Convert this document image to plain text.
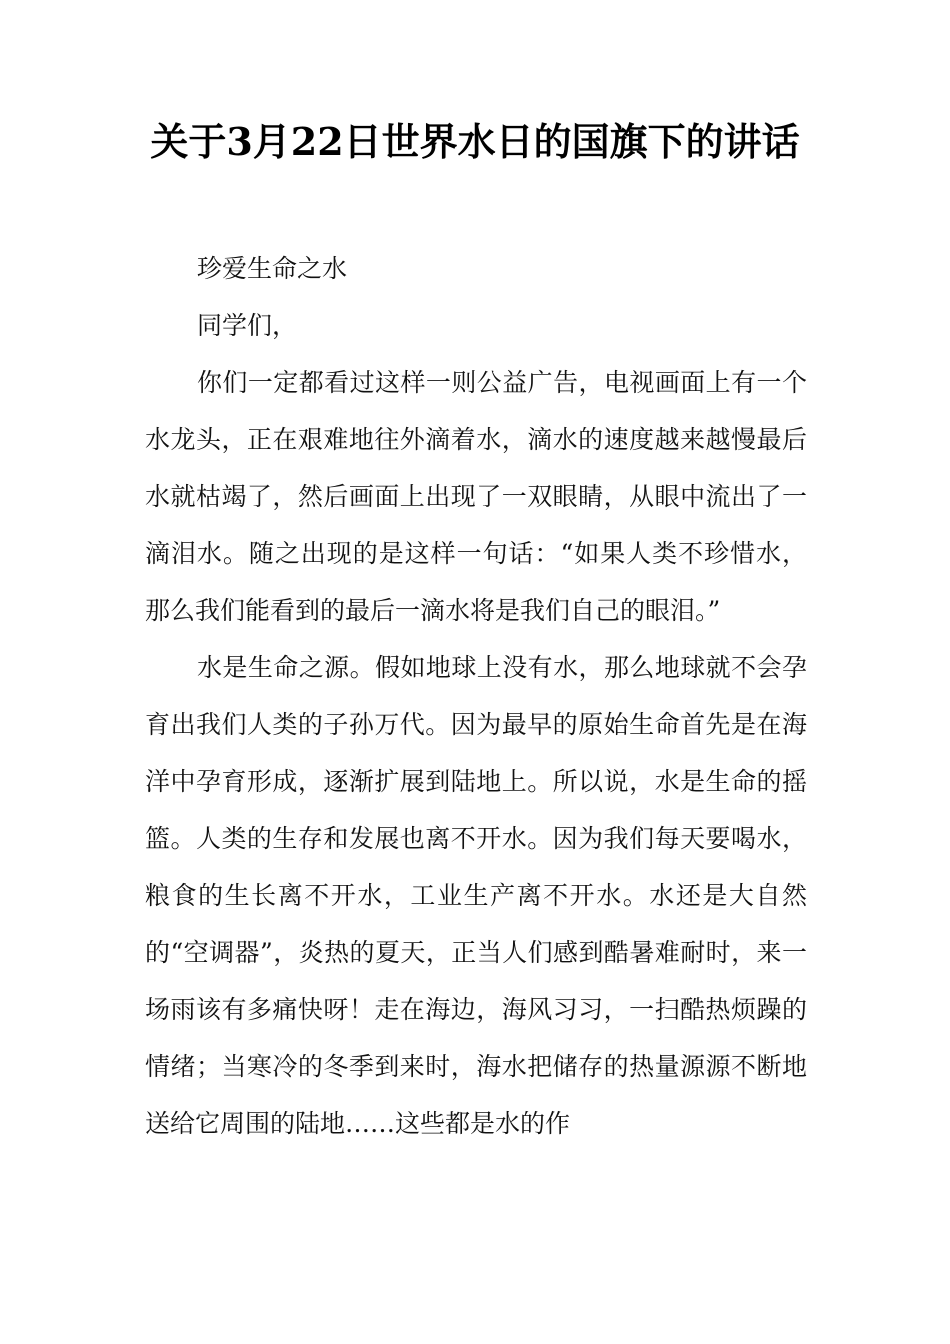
关于3月22日世界水日的国旗下的讲话

珍爱生命之水

同学们，

你们一定都看过这样一则公益广告，电视画面上有一个水龙头，正在艰难地往外滴着水，滴水的速度越来越慢最后水就枯竭了，然后画面上出现了一双眼睛，从眼中流出了一滴泪水。随之出现的是这样一句话：“如果人类不珍惜水，那么我们能看到的最后一滴水将是我们自己的眼泪。”

水是生命之源。假如地球上没有水，那么地球就不会孕育出我们人类的子孙万代。因为最早的原始生命首先是在海洋中孕育形成，逐渐扩展到陆地上。所以说，水是生命的摇篮。人类的生存和发展也离不开水。因为我们每天要喝水，粮食的生长离不开水，工业生产离不开水。水还是大自然的“空调器”，炎热的夏天，正当人们感到酷暑难耐时，来一场雨该有多痛快呀！走在海边，海风习习，一扫酷热烦躁的情绪；当寒冷的冬季到来时，海水把储存的热量源源不断地送给它周围的陆地……这些都是水的作
